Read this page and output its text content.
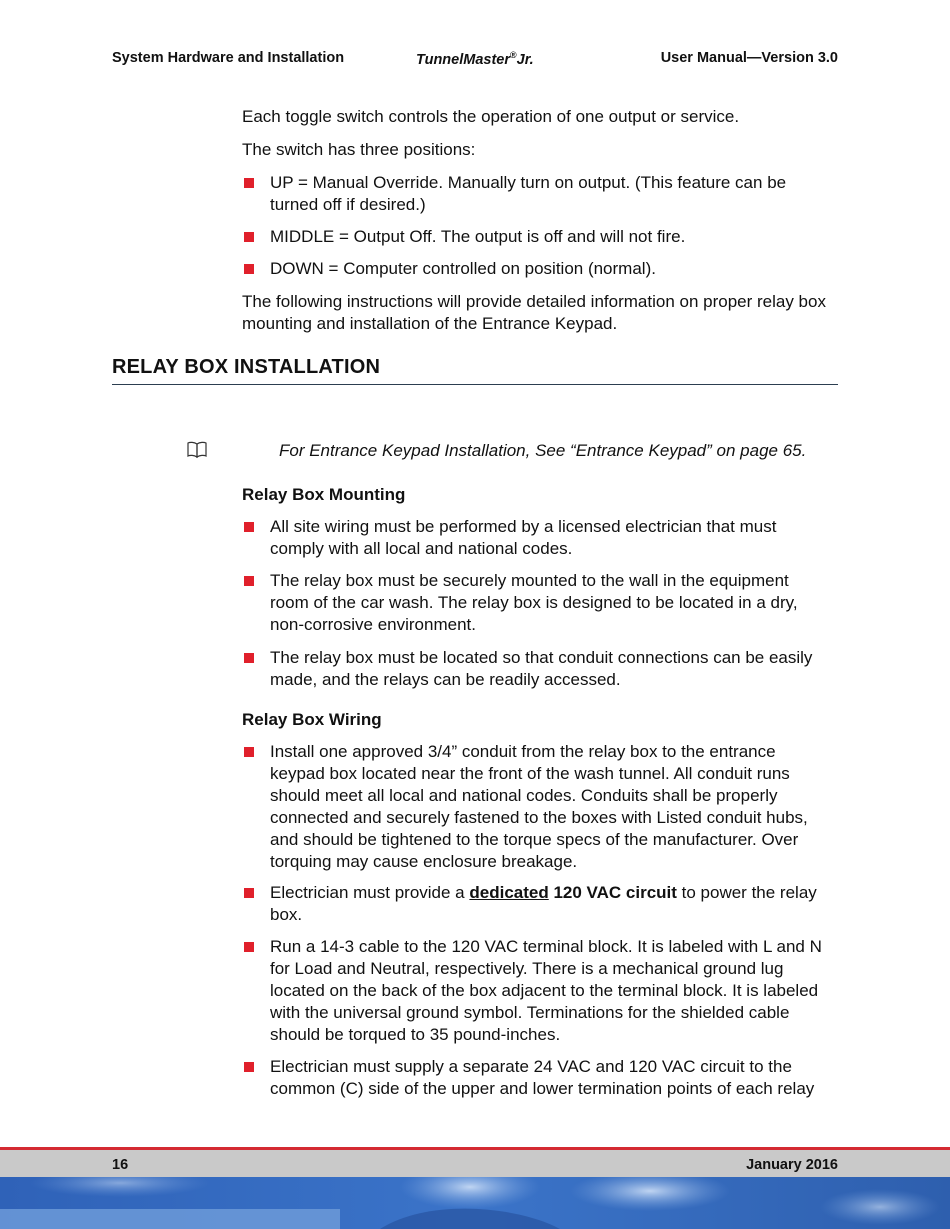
System Hardware and Installation	TunnelMaster®Jr.	User Manual—Version 3.0

Each toggle switch controls the operation of one output or service.

The switch has three positions:

UP = Manual Override. Manually turn on output. (This feature can be turned off if desired.)
MIDDLE = Output Off. The output is off and will not fire.
DOWN = Computer controlled on position (normal).

The following instructions will provide detailed information on proper relay box mounting and installation of the Entrance Keypad.

RELAY BOX INSTALLATION
For Entrance Keypad Installation, See “Entrance Keypad” on page 65.
Relay Box Mounting
All site wiring must be performed by a licensed electrician that must comply with all local and national codes.
The relay box must be securely mounted to the wall in the equipment room of the car wash. The relay box is designed to be located in a dry, non-corrosive environment.
The relay box must be located so that conduit connections can be easily made, and the relays can be readily accessed.
Relay Box Wiring
Install one approved 3/4” conduit from the relay box to the entrance keypad box located near the front of the wash tunnel. All conduit runs should meet all local and national codes. Conduits shall be properly connected and securely fastened to the boxes with Listed conduit hubs, and should be tightened to the torque specs of the manufacturer. Over torquing may cause enclosure breakage.
Electrician must provide a dedicated 120 VAC circuit to power the relay box.
Run a 14-3 cable to the 120 VAC terminal block. It is labeled with L and N for Load and Neutral, respectively. There is a mechanical ground lug located on the back of the box adjacent to the terminal block. It is labeled with the universal ground symbol. Terminations for the shielded cable should be torqued to 35 pound-inches.
Electrician must supply a separate 24 VAC and 120 VAC circuit to the common (C) side of the upper and lower termination points of each relay
16	January 2016
